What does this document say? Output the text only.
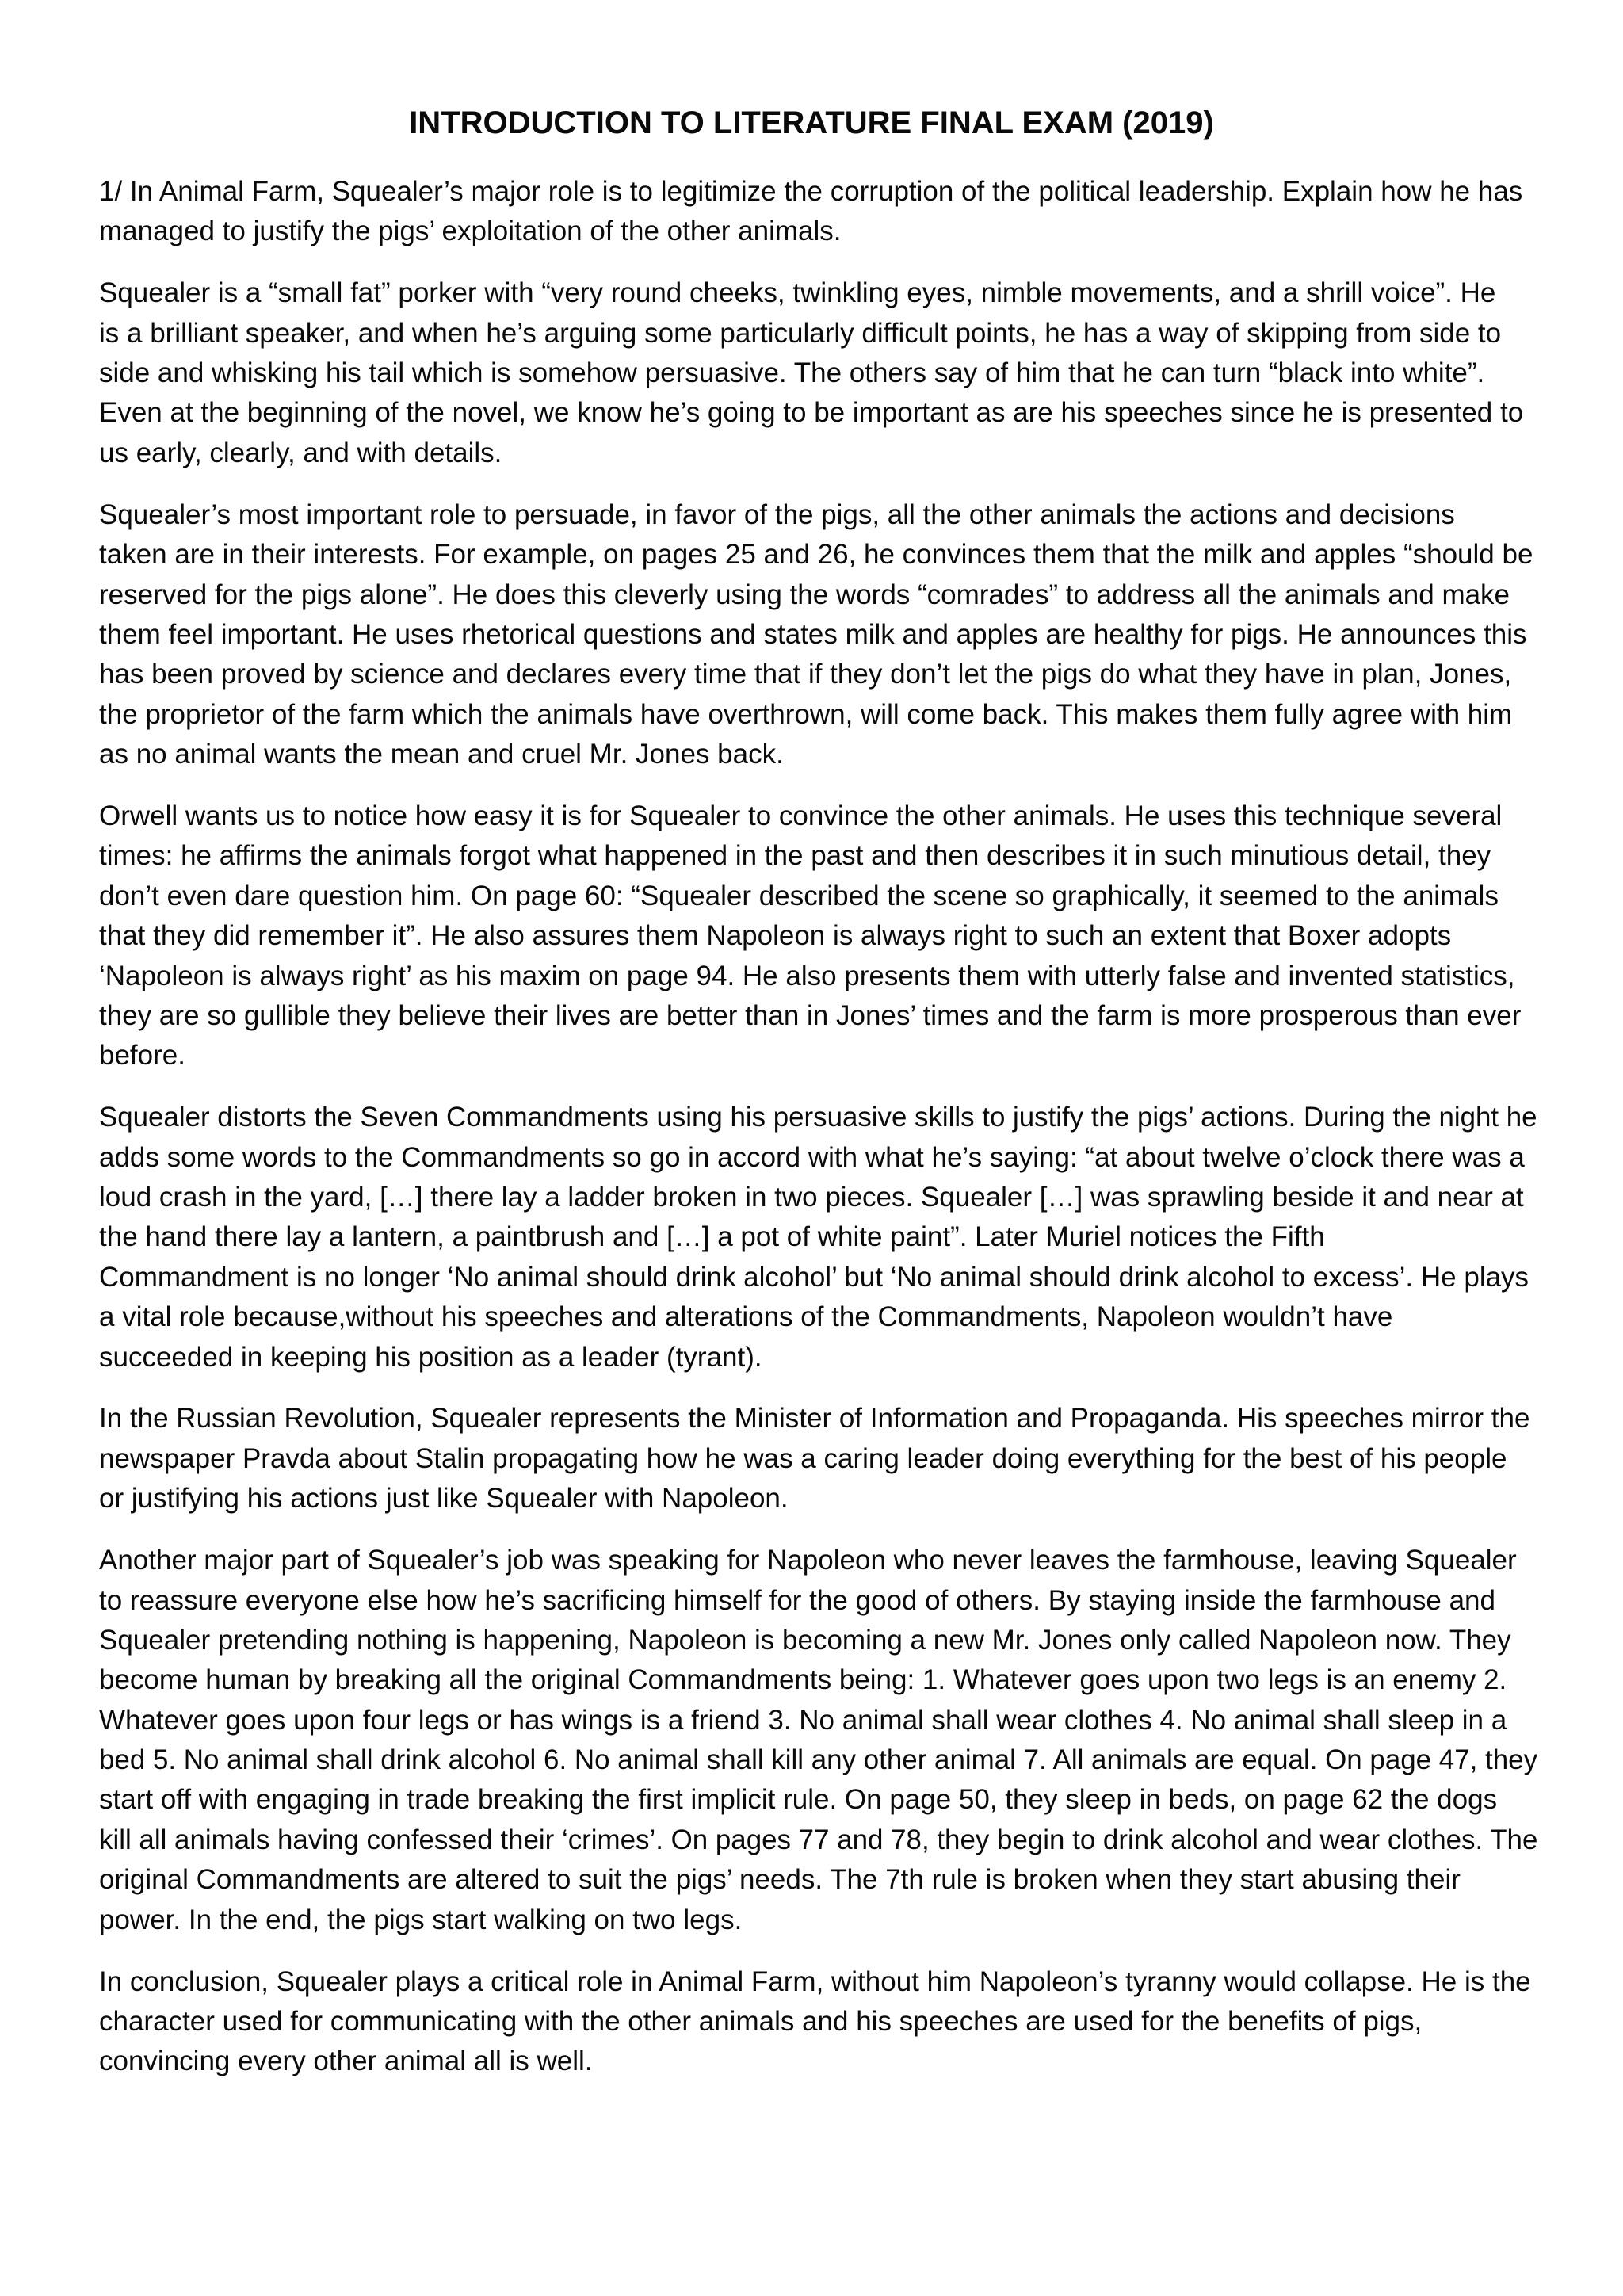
INTRODUCTION TO LITERATURE FINAL EXAM (2019)
1/ In Animal Farm, Squealer’s major role is to legitimize the corruption of the political leadership. Explain how he has
managed to justify the pigs’ exploitation of the other animals.
Squealer is a “small fat” porker with “very round cheeks, twinkling eyes, nimble movements, and a shrill voice”. He
is a brilliant speaker, and when he’s arguing some particularly difficult points, he has a way of skipping from side to
side and whisking his tail which is somehow persuasive. The others say of him that he can turn “black into white”.
Even at the beginning of the novel, we know he’s going to be important as are his speeches since he is presented to
us early, clearly, and with details.
Squealer’s most important role to persuade, in favor of the pigs, all the other animals the actions and decisions
taken are in their interests. For example, on pages 25 and 26, he convinces them that the milk and apples “should be
reserved for the pigs alone”. He does this cleverly using the words “comrades” to address all the animals and make
them feel important. He uses rhetorical questions and states milk and apples are healthy for pigs. He announces this
has been proved by science and declares every time that if they don’t let the pigs do what they have in plan, Jones,
the proprietor of the farm which the animals have overthrown, will come back. This makes them fully agree with him
as no animal wants the mean and cruel Mr. Jones back.
Orwell wants us to notice how easy it is for Squealer to convince the other animals. He uses this technique several
times: he affirms the animals forgot what happened in the past and then describes it in such minutious detail, they
don’t even dare question him. On page 60: “Squealer described the scene so graphically, it seemed to the animals
that they did remember it”. He also assures them Napoleon is always right to such an extent that Boxer adopts
‘Napoleon is always right’ as his maxim on page 94. He also presents them with utterly false and invented statistics,
they are so gullible they believe their lives are better than in Jones’ times and the farm is more prosperous than ever
before.
Squealer distorts the Seven Commandments using his persuasive skills to justify the pigs’ actions. During the night he
adds some words to the Commandments so go in accord with what he’s saying: “at about twelve o’clock there was a
loud crash in the yard, […] there lay a ladder broken in two pieces. Squealer […] was sprawling beside it and near at
the hand there lay a lantern, a paintbrush and […] a pot of white paint”. Later Muriel notices the Fifth
Commandment is no longer ‘No animal should drink alcohol’ but ‘No animal should drink alcohol to excess’. He plays
a vital role because,without his speeches and alterations of the Commandments, Napoleon wouldn’t have
succeeded in keeping his position as a leader (tyrant).
In the Russian Revolution, Squealer represents the Minister of Information and Propaganda. His speeches mirror the
newspaper Pravda about Stalin propagating how he was a caring leader doing everything for the best of his people
or justifying his actions just like Squealer with Napoleon.
Another major part of Squealer’s job was speaking for Napoleon who never leaves the farmhouse, leaving Squealer
to reassure everyone else how he’s sacrificing himself for the good of others. By staying inside the farmhouse and
Squealer pretending nothing is happening, Napoleon is becoming a new Mr. Jones only called Napoleon now. They
become human by breaking all the original Commandments being: 1. Whatever goes upon two legs is an enemy 2.
Whatever goes upon four legs or has wings is a friend 3. No animal shall wear clothes 4. No animal shall sleep in a
bed 5. No animal shall drink alcohol 6. No animal shall kill any other animal 7. All animals are equal. On page 47, they
start off with engaging in trade breaking the first implicit rule. On page 50, they sleep in beds, on page 62 the dogs
kill all animals having confessed their ‘crimes’. On pages 77 and 78, they begin to drink alcohol and wear clothes. The
original Commandments are altered to suit the pigs’ needs. The 7th rule is broken when they start abusing their
power. In the end, the pigs start walking on two legs.
In conclusion, Squealer plays a critical role in Animal Farm, without him Napoleon’s tyranny would collapse. He is the
character used for communicating with the other animals and his speeches are used for the benefits of pigs,
convincing every other animal all is well.
